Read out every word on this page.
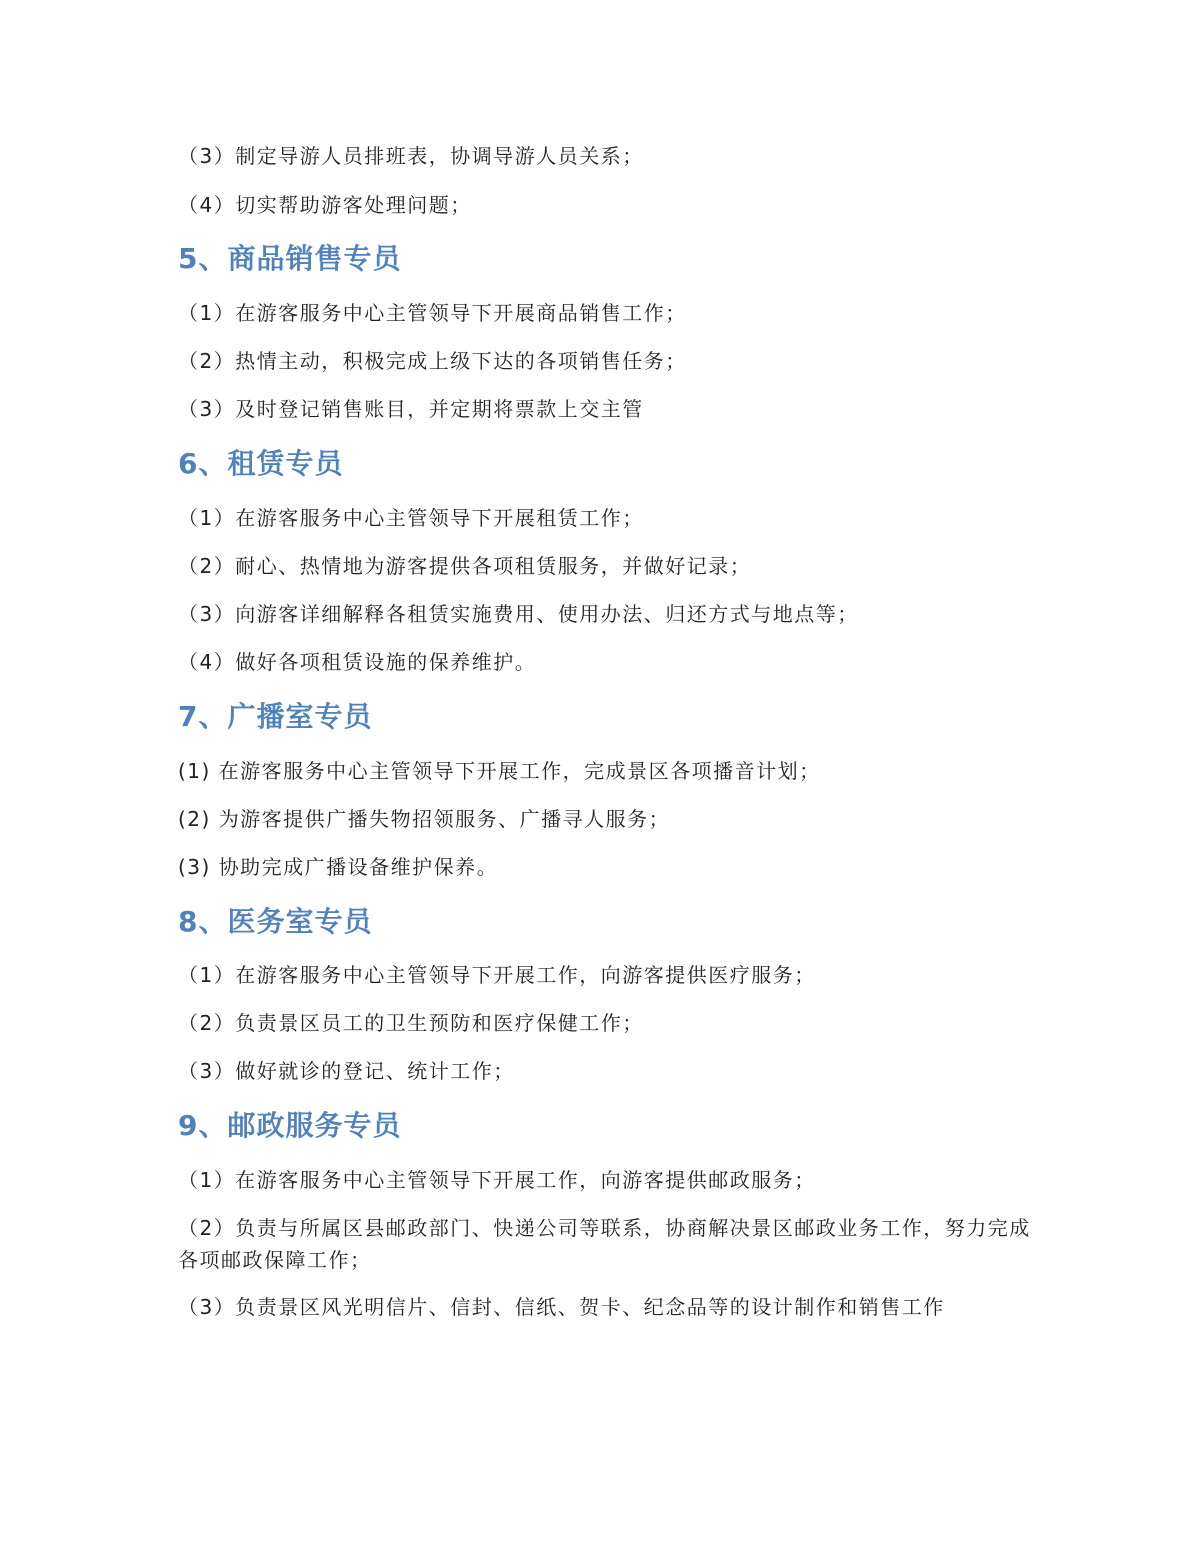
（3）制定导游人员排班表，协调导游人员关系；
（4）切实帮助游客处理问题；
5、商品销售专员
（1）在游客服务中心主管领导下开展商品销售工作；
（2）热情主动，积极完成上级下达的各项销售任务；
（3）及时登记销售账目，并定期将票款上交主管
6、租赁专员
（1）在游客服务中心主管领导下开展租赁工作；
（2）耐心、热情地为游客提供各项租赁服务，并做好记录；
（3）向游客详细解释各租赁实施费用、使用办法、归还方式与地点等；
（4）做好各项租赁设施的保养维护。
7、广播室专员
(1) 在游客服务中心主管领导下开展工作，完成景区各项播音计划；
(2) 为游客提供广播失物招领服务、广播寻人服务；
(3) 协助完成广播设备维护保养。
8、医务室专员
（1）在游客服务中心主管领导下开展工作，向游客提供医疗服务；
（2）负责景区员工的卫生预防和医疗保健工作；
（3）做好就诊的登记、统计工作；
9、邮政服务专员
（1）在游客服务中心主管领导下开展工作，向游客提供邮政服务；
（2）负责与所属区县邮政部门、快递公司等联系，协商解决景区邮政业务工作，努力完成各项邮政保障工作；
（3）负责景区风光明信片、信封、信纸、贺卡、纪念品等的设计制作和销售工作
